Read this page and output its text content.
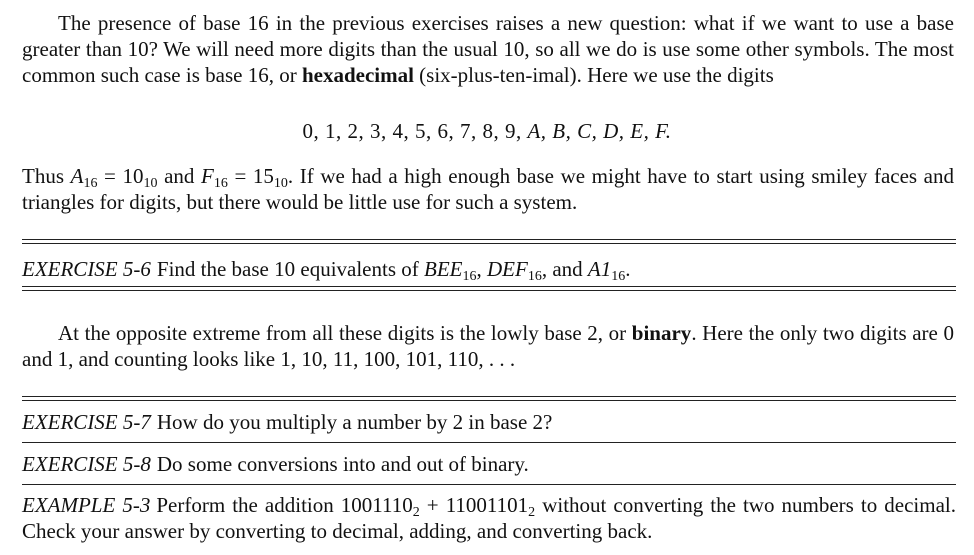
The presence of base 16 in the previous exercises raises a new question: what if we want to use a base greater than 10? We will need more digits than the usual 10, so all we do is use some other symbols. The most common such case is base 16, or hexadecimal (six-plus-ten-imal). Here we use the digits

0, 1, 2, 3, 4, 5, 6, 7, 8, 9, A, B, C, D, E, F.

Thus $A_{16} = 10_{10}$ and $F_{16} = 15_{10}$. If we had a high enough base we might have to start using smiley faces and triangles for digits, but there would be little use for such a system.

EXERCISE 5-6 Find the base 10 equivalents of $BEE_{16}$, $DEF_{16}$, and $A1_{16}$.

At the opposite extreme from all these digits is the lowly base 2, or binary. Here the only two digits are 0 and 1, and counting looks like 1, 10, 11, 100, 101, 110, . . .

EXERCISE 5-7 How do you multiply a number by 2 in base 2?

EXERCISE 5-8 Do some conversions into and out of binary.

EXAMPLE 5-3 Perform the addition $1001110_2 + 11001101_2$ without converting the two numbers to decimal. Check your answer by converting to decimal, adding, and converting back.
